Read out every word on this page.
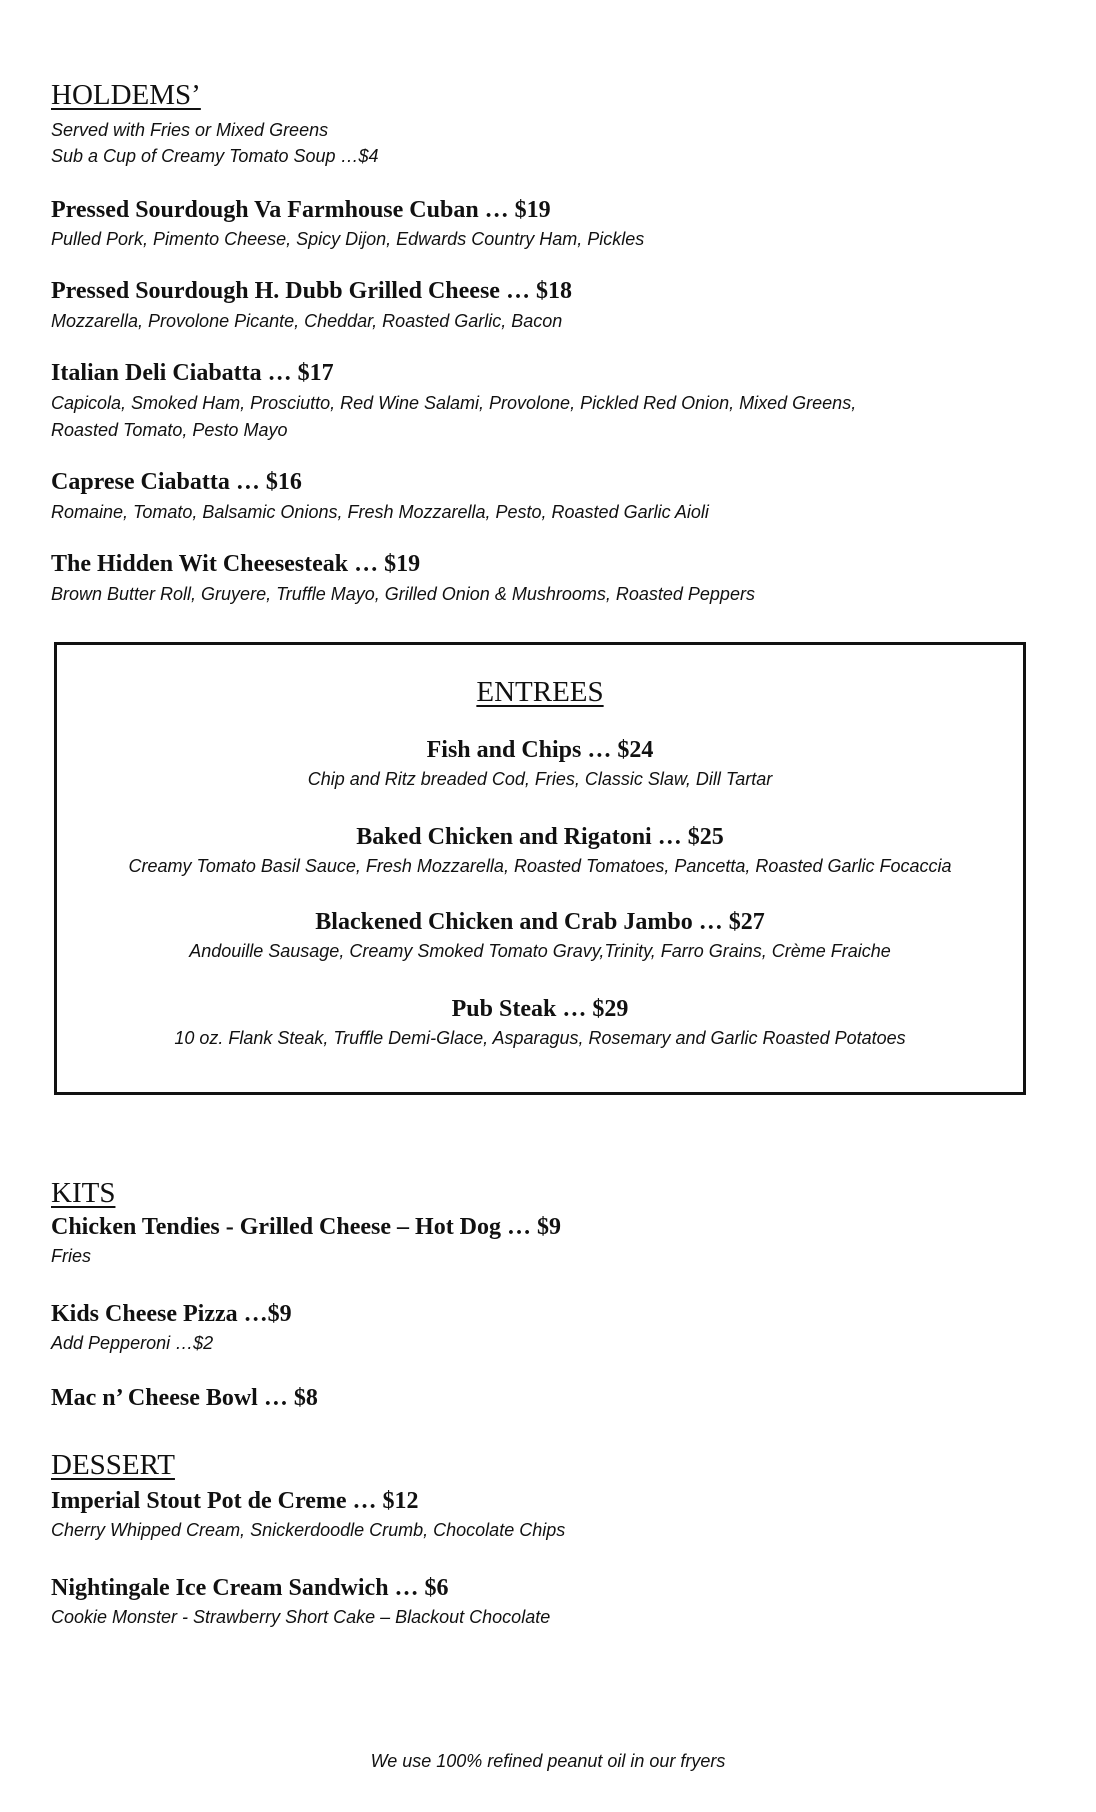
HOLDEMS’

Served with Fries or Mixed Greens

Sub a Cup of Creamy Tomato Soup …$4

Pressed Sourdough Va Farmhouse Cuban … $19

Pulled Pork, Pimento Cheese, Spicy Dijon, Edwards Country Ham, Pickles

Pressed Sourdough H. Dubb Grilled Cheese … $18

Mozzarella, Provolone Picante, Cheddar, Roasted Garlic, Bacon

Italian Deli Ciabatta … $17

Capicola, Smoked Ham, Prosciutto, Red Wine Salami, Provolone, Pickled Red Onion, Mixed Greens,

Roasted Tomato, Pesto Mayo

Caprese Ciabatta … $16

Romaine, Tomato, Balsamic Onions, Fresh Mozzarella, Pesto, Roasted Garlic Aioli

The Hidden Wit Cheesesteak … $19

Brown Butter Roll, Gruyere, Truffle Mayo, Grilled Onion & Mushrooms, Roasted Peppers

ENTREES

Fish and Chips … $24

Chip and Ritz breaded Cod, Fries, Classic Slaw, Dill Tartar

Baked Chicken and Rigatoni … $25

Creamy Tomato Basil Sauce, Fresh Mozzarella, Roasted Tomatoes, Pancetta, Roasted Garlic Focaccia

Blackened Chicken and Crab Jambo … $27

Andouille Sausage, Creamy Smoked Tomato Gravy,Trinity, Farro Grains, Crème Fraiche

Pub Steak … $29

10 oz. Flank Steak, Truffle Demi-Glace, Asparagus, Rosemary and Garlic Roasted Potatoes

KITS

Chicken Tendies - Grilled Cheese – Hot Dog … $9

Fries

Kids Cheese Pizza …$9

Add Pepperoni …$2

Mac n’ Cheese Bowl … $8

DESSERT

Imperial Stout Pot de Creme … $12

Cherry Whipped Cream, Snickerdoodle Crumb, Chocolate Chips

Nightingale Ice Cream Sandwich … $6

Cookie Monster - Strawberry Short Cake – Blackout Chocolate

We use 100% refined peanut oil in our fryers
